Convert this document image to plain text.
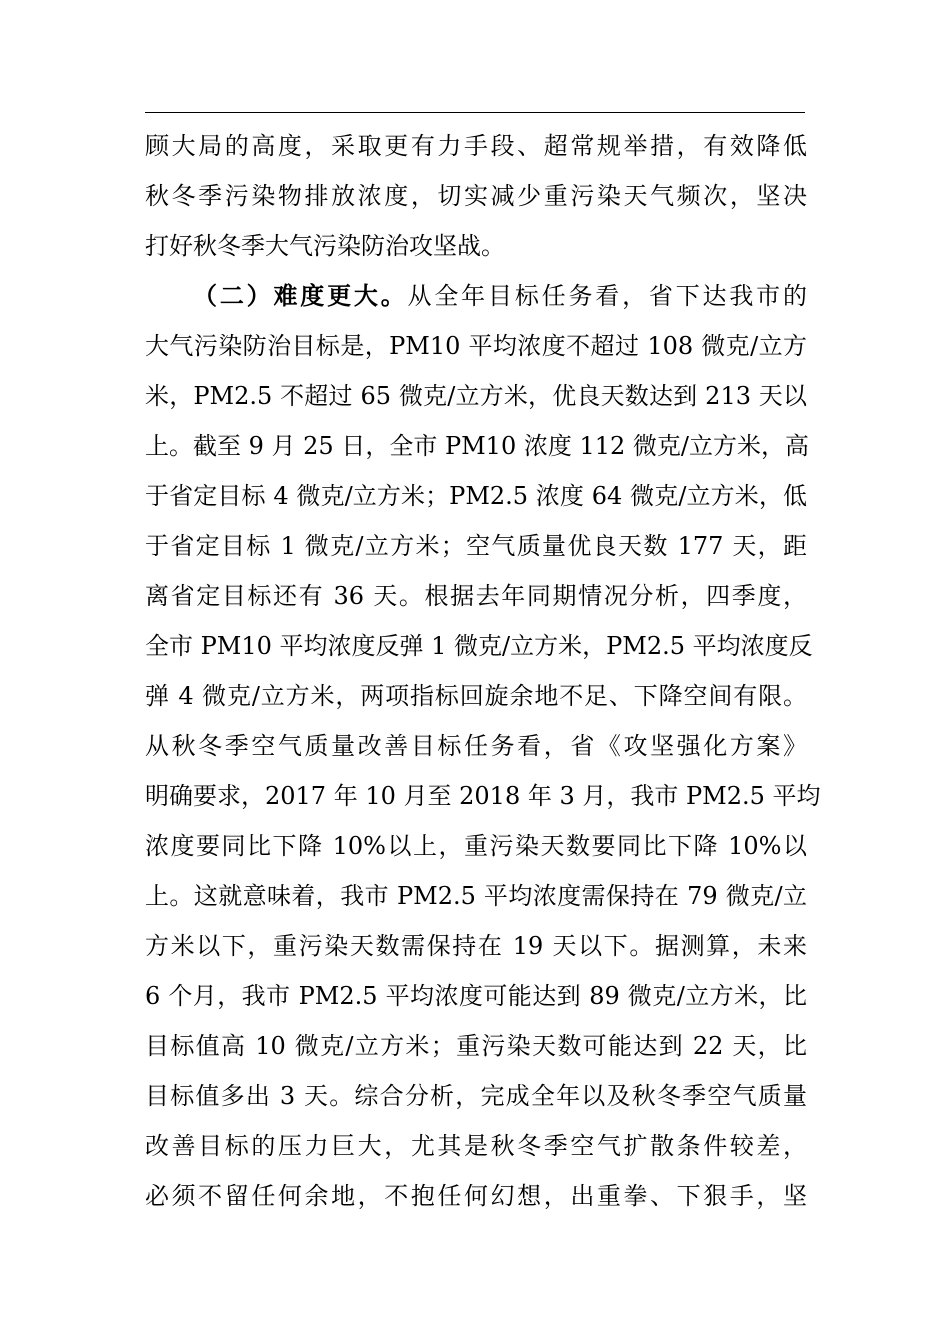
顾大局的高度，采取更有力手段、超常规举措，有效降低
秋冬季污染物排放浓度，切实减少重污染天气频次，坚决
打好秋冬季大气污染防治攻坚战。
（二）难度更大。从全年目标任务看，省下达我市的
大气污染防治目标是，PM10 平均浓度不超过 108 微克/立方
米，PM2.5 不超过 65 微克/立方米，优良天数达到 213 天以
上。截至 9 月 25 日，全市 PM10 浓度 112 微克/立方米，高
于省定目标 4 微克/立方米；PM2.5 浓度 64 微克/立方米，低
于省定目标 1 微克/立方米；空气质量优良天数 177 天，距
离省定目标还有 36 天。根据去年同期情况分析，四季度，
全市 PM10 平均浓度反弹 1 微克/立方米，PM2.5 平均浓度反
弹 4 微克/立方米，两项指标回旋余地不足、下降空间有限。
从秋冬季空气质量改善目标任务看，省《攻坚强化方案》
明确要求，2017 年 10 月至 2018 年 3 月，我市 PM2.5 平均
浓度要同比下降 10%以上，重污染天数要同比下降 10%以
上。这就意味着，我市 PM2.5 平均浓度需保持在 79 微克/立
方米以下，重污染天数需保持在 19 天以下。据测算，未来
6 个月，我市 PM2.5 平均浓度可能达到 89 微克/立方米，比
目标值高 10 微克/立方米；重污染天数可能达到 22 天，比
目标值多出 3 天。综合分析，完成全年以及秋冬季空气质量
改善目标的压力巨大，尤其是秋冬季空气扩散条件较差，
必须不留任何余地，不抱任何幻想，出重拳、下狠手，坚
